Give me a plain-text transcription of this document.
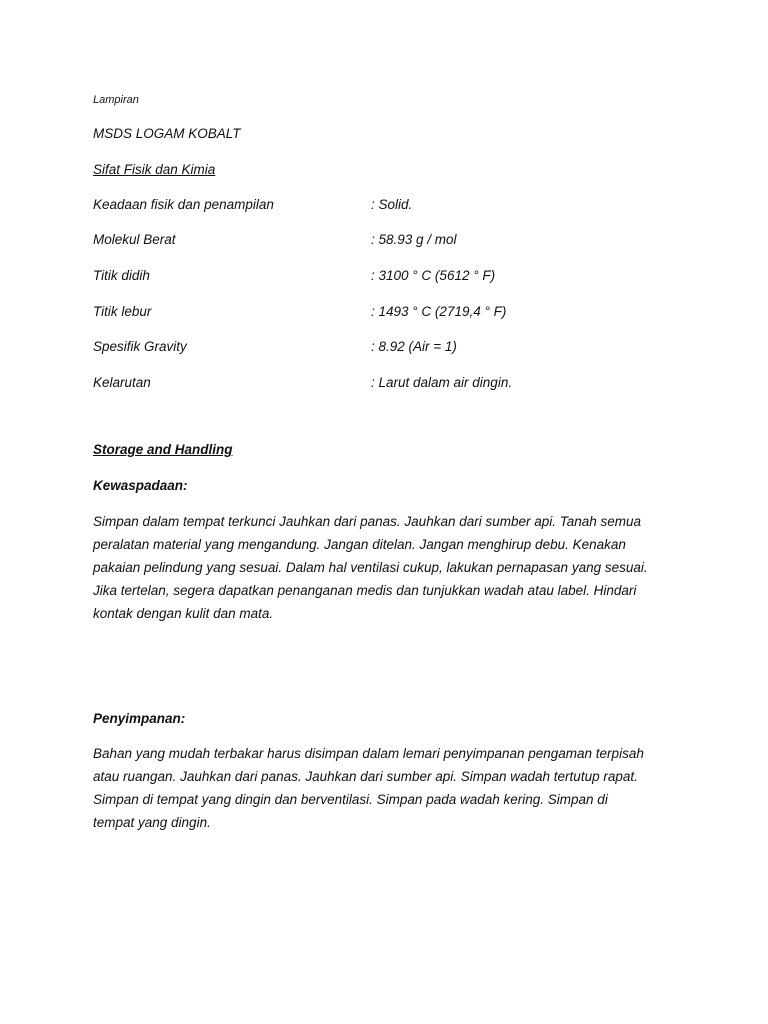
Lampiran
MSDS LOGAM KOBALT
Sifat Fisik dan Kimia
Keadaan fisik dan penampilan	: Solid.
Molekul Berat	: 58.93 g / mol
Titik didih	: 3100 ° C (5612 ° F)
Titik lebur	: 1493 ° C (2719,4 ° F)
Spesifik Gravity	: 8.92 (Air = 1)
Kelarutan	: Larut dalam air dingin.
Storage and Handling
Kewaspadaan:
Simpan dalam tempat terkunci Jauhkan dari panas. Jauhkan dari sumber api. Tanah semua
peralatan material yang mengandung. Jangan ditelan. Jangan menghirup debu. Kenakan
pakaian pelindung yang sesuai. Dalam hal ventilasi cukup, lakukan pernapasan yang sesuai.
Jika tertelan, segera dapatkan penanganan medis dan tunjukkan wadah atau label. Hindari
kontak dengan kulit dan mata.
Penyimpanan:
Bahan yang mudah terbakar harus disimpan dalam lemari penyimpanan pengaman terpisah
atau ruangan. Jauhkan dari panas. Jauhkan dari sumber api. Simpan wadah tertutup rapat.
Simpan di tempat yang dingin dan berventilasi. Simpan pada wadah kering. Simpan di
tempat yang dingin.
